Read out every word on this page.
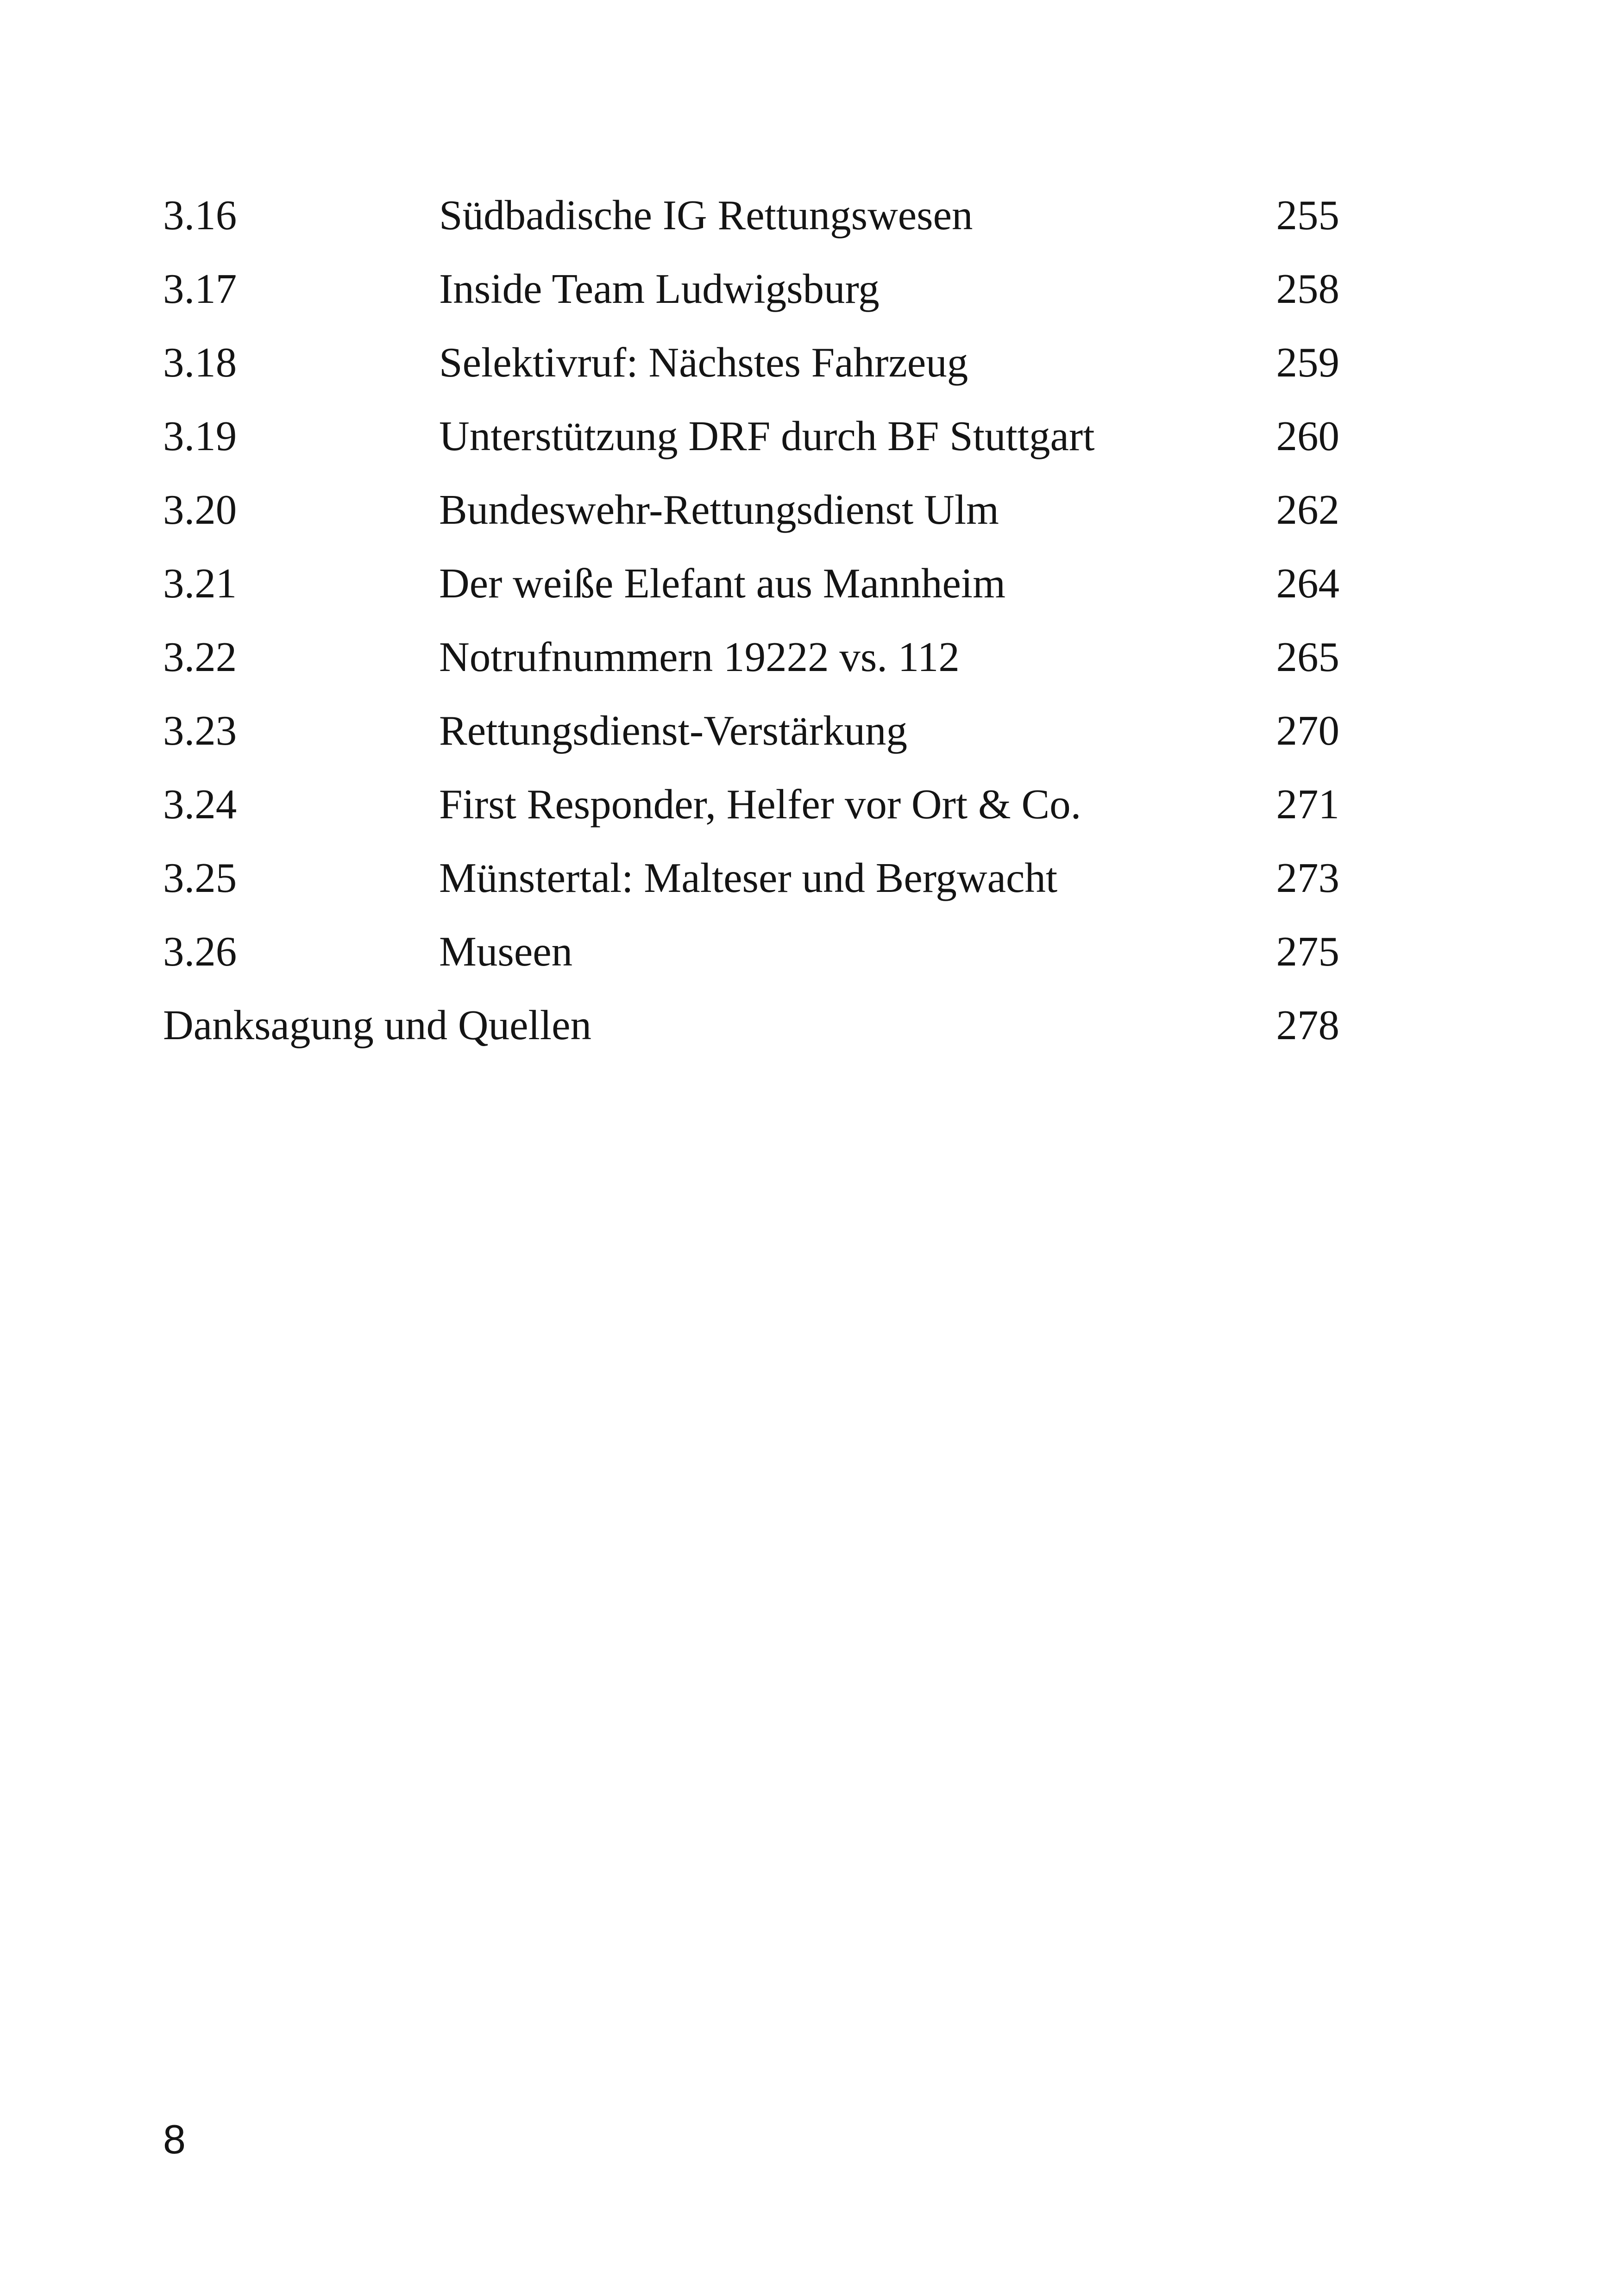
3.16	Südbadische IG Rettungswesen	255
3.17	Inside Team Ludwigsburg	258
3.18	Selektivruf: Nächstes Fahrzeug	259
3.19	Unterstützung DRF durch BF Stuttgart	260
3.20	Bundeswehr-Rettungsdienst Ulm	262
3.21	Der weiße Elefant aus Mannheim	264
3.22	Notrufnummern 19222 vs. 112	265
3.23	Rettungsdienst-Verstärkung	270
3.24	First Responder, Helfer vor Ort & Co.	271
3.25	Münstertal: Malteser und Bergwacht	273
3.26	Museen	275
Danksagung und Quellen	278
8
